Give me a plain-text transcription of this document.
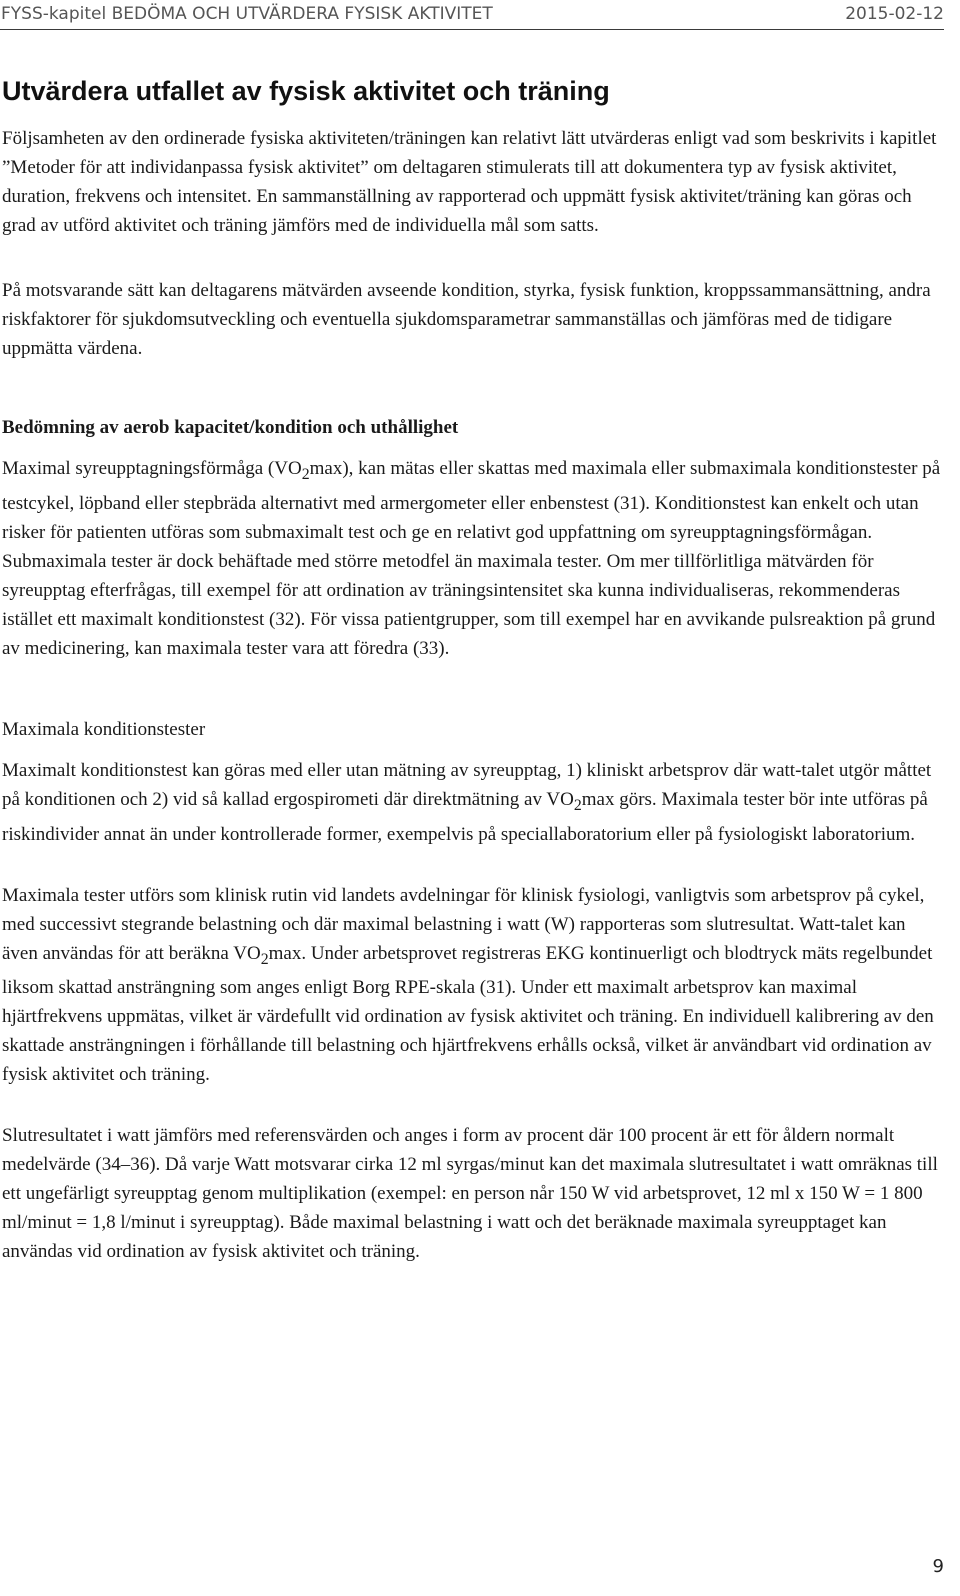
FYSS-kapitel BEDÖMA OCH UTVÄRDERA FYSISK AKTIVITET	2015-02-12
Utvärdera utfallet av fysisk aktivitet och träning

Följsamheten av den ordinerade fysiska aktiviteten/träningen kan relativt lätt utvärderas enligt vad som beskrivits i kapitlet ”Metoder för att individanpassa fysisk aktivitet” om deltagaren stimulerats till att dokumentera typ av fysisk aktivitet, duration, frekvens och intensitet. En sammanställning av rapporterad och uppmätt fysisk aktivitet/träning kan göras och grad av utförd aktivitet och träning jämförs med de individuella mål som satts.

På motsvarande sätt kan deltagarens mätvärden avseende kondition, styrka, fysisk funktion, kroppssammansättning, andra riskfaktorer för sjukdomsutveckling och eventuella sjukdomsparametrar sammanställas och jämföras med de tidigare uppmätta värdena.

Bedömning av aerob kapacitet/kondition och uthållighet

Maximal syreupptagningsförmåga $(VO_2\max)$, kan mätas eller skattas med maximala eller submaximala konditionstester på testcykel, löpband eller stepbräda alternativt med armergometer eller enbenstest (31). Konditionstest kan enkelt och utan risker för patienten utföras som submaximalt test och ge en relativt god uppfattning om syreupptagningsförmågan. Submaximala tester är dock behäftade med större metodfel än maximala tester. Om mer tillförlitliga mätvärden för syreupptag efterfrågas, till exempel för att ordination av träningsintensitet ska kunna individualiseras, rekommenderas istället ett maximalt konditionstest (32). För vissa patientgrupper, som till exempel har en avvikande pulsreaktion på grund av medicinering, kan maximala tester vara att föredra (33).

Maximala konditionstester

Maximalt konditionstest kan göras med eller utan mätning av syreupptag, 1) kliniskt arbetsprov där watt-talet utgör måttet på konditionen och 2) vid så kallad ergospirometi där direktmätning av $VO_2\max$ görs. Maximala tester bör inte utföras på riskindivider annat än under kontrollerade former, exempelvis på speciallaboratorium eller på fysiologiskt laboratorium.

Maximala tester utförs som klinisk rutin vid landets avdelningar för klinisk fysiologi, vanligtvis som arbetsprov på cykel, med successivt stegrande belastning och där maximal belastning i watt (W) rapporteras som slutresultat. Watt-talet kan även användas för att beräkna $VO_2\max$. Under arbetsprovet registreras EKG kontinuerligt och blodtryck mäts regelbundet liksom skattad ansträngning som anges enligt Borg RPE-skala (31). Under ett maximalt arbetsprov kan maximal hjärtfrekvens uppmätas, vilket är värdefullt vid ordination av fysisk aktivitet och träning. En individuell kalibrering av den skattade ansträngningen i förhållande till belastning och hjärtfrekvens erhålls också, vilket är användbart vid ordination av fysisk aktivitet och träning.

Slutresultatet i watt jämförs med referensvärden och anges i form av procent där 100 procent är ett för åldern normalt medelvärde (34–36). Då varje Watt motsvarar cirka 12 ml syrgas/minut kan det maximala slutresultatet i watt omräknas till ett ungefärligt syreupptag genom multiplikation (exempel: en person når 150 W vid arbetsprovet, 12 ml x 150 W = 1 800 ml/minut = 1,8 l/minut i syreupptag). Både maximal belastning i watt och det beräknade maximala syreupptaget kan användas vid ordination av fysisk aktivitet och träning.

9
